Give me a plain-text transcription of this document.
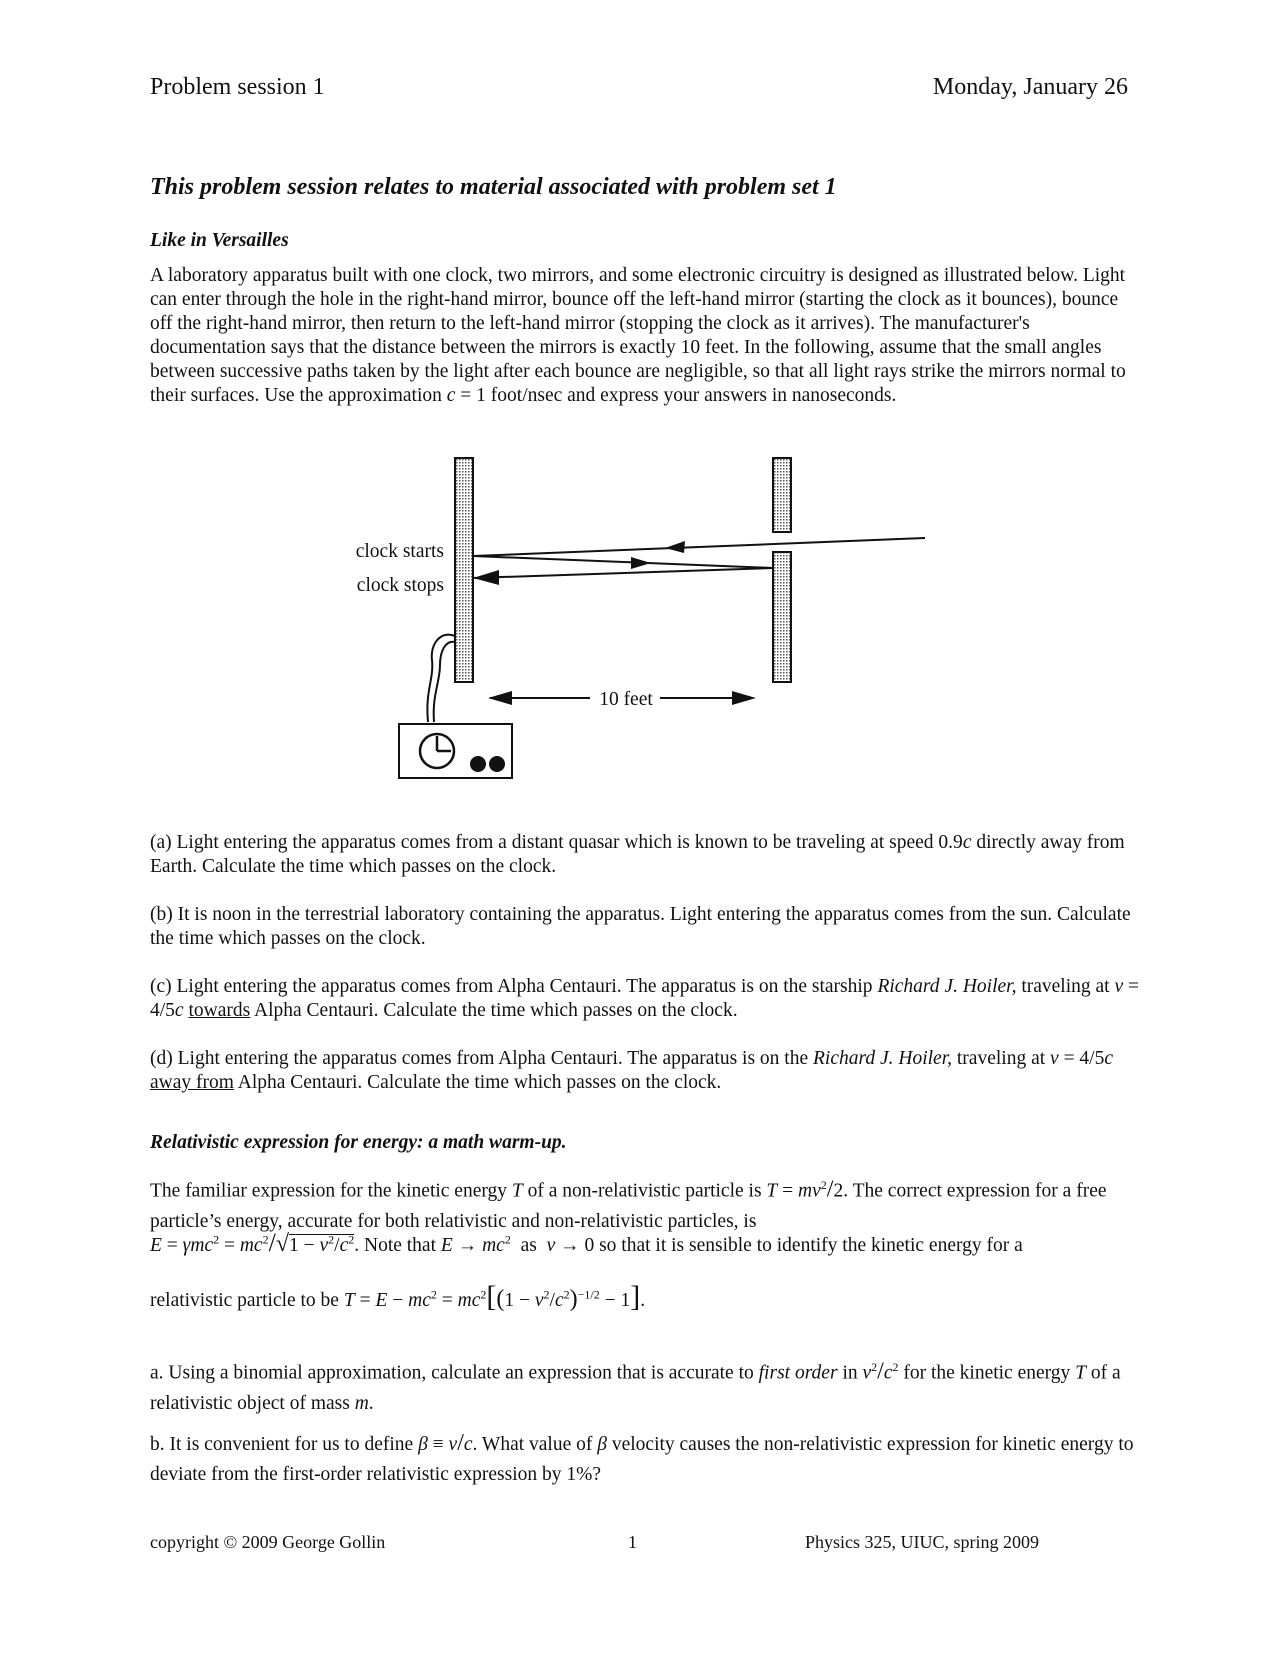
Problem session 1	Monday, January 26
This problem session relates to material associated with problem set 1
Like in Versailles
A laboratory apparatus built with one clock, two mirrors, and some electronic circuitry is designed as illustrated below. Light can enter through the hole in the right-hand mirror, bounce off the left-hand mirror (starting the clock as it bounces), bounce off the right-hand mirror, then return to the left-hand mirror (stopping the clock as it arrives). The manufacturer's documentation says that the distance between the mirrors is exactly 10 feet. In the following, assume that the small angles between successive paths taken by the light after each bounce are negligible, so that all light rays strike the mirrors normal to their surfaces. Use the approximation c = 1 foot/nsec and express your answers in nanoseconds.
clock starts
clock stops
10 feet
(a) Light entering the apparatus comes from a distant quasar which is known to be traveling at speed 0.9c directly away from Earth. Calculate the time which passes on the clock.
(b) It is noon in the terrestrial laboratory containing the apparatus. Light entering the apparatus comes from the sun. Calculate the time which passes on the clock.
(c) Light entering the apparatus comes from Alpha Centauri. The apparatus is on the starship Richard J. Hoiler, traveling at v = 4/5c towards Alpha Centauri. Calculate the time which passes on the clock.
(d) Light entering the apparatus comes from Alpha Centauri. The apparatus is on the Richard J. Hoiler, traveling at v = 4/5c away from Alpha Centauri. Calculate the time which passes on the clock.
Relativistic expression for energy: a math warm-up.
The familiar expression for the kinetic energy T of a non-relativistic particle is $T = mv^2/2$. The correct expression for a free particle’s energy, accurate for both relativistic and non-relativistic particles, is
$E = \gamma mc^2 = mc^2/√1 - v^2/c^2$. Note that $E \to mc^2$  as  v → 0 so that it is sensible to identify the kinetic energy for a
relativistic particle to be $T = E - mc^2 = mc^2[(1 - v^2/c^2)^{-1/2} - 1]$.
a. Using a binomial approximation, calculate an expression that is accurate to first order in $v^2/c^2$ for the kinetic energy T of a relativistic object of mass m.
b. It is convenient for us to define β ≡ v/c. What value of β velocity causes the non-relativistic expression for kinetic energy to deviate from the first-order relativistic expression by 1%?
copyright © 2009 George Gollin	1	Physics 325, UIUC, spring 2009
